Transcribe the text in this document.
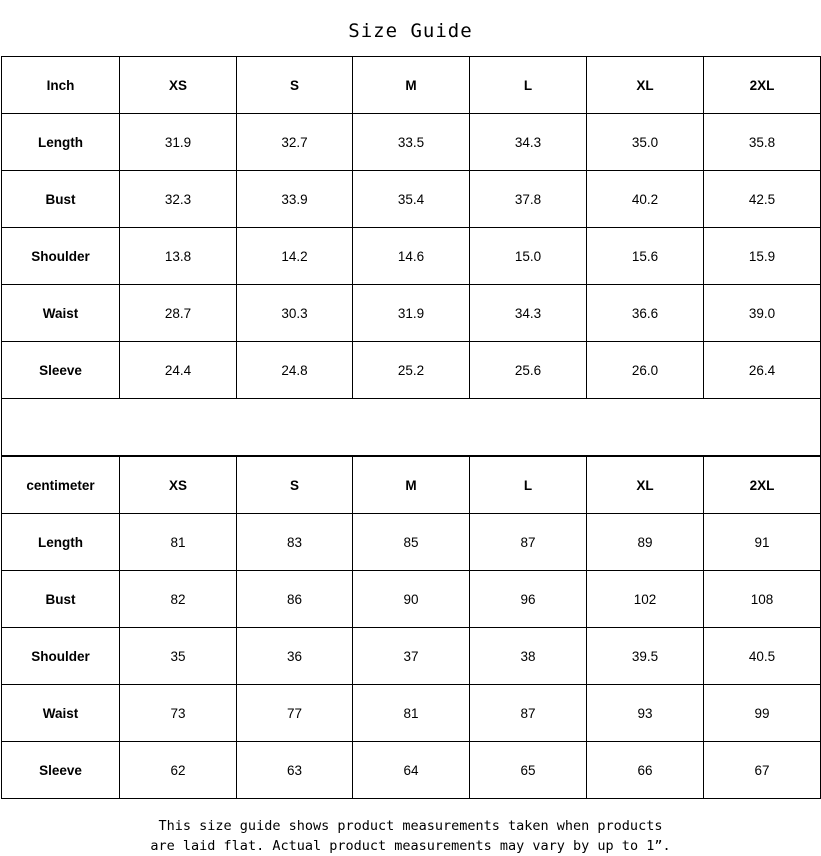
Size Guide
Inch	XS	S	M	L	XL	2XL
Length	31.9	32.7	33.5	34.3	35.0	35.8
Bust	32.3	33.9	35.4	37.8	40.2	42.5
Shoulder	13.8	14.2	14.6	15.0	15.6	15.9
Waist	28.7	30.3	31.9	34.3	36.6	39.0
Sleeve	24.4	24.8	25.2	25.6	26.0	26.4

centimeter	XS	S	M	L	XL	2XL
Length	81	83	85	87	89	91
Bust	82	86	90	96	102	108
Shoulder	35	36	37	38	39.5	40.5
Waist	73	77	81	87	93	99
Sleeve	62	63	64	65	66	67
This size guide shows product measurements taken when products
are laid flat. Actual product measurements may vary by up to 1”.
